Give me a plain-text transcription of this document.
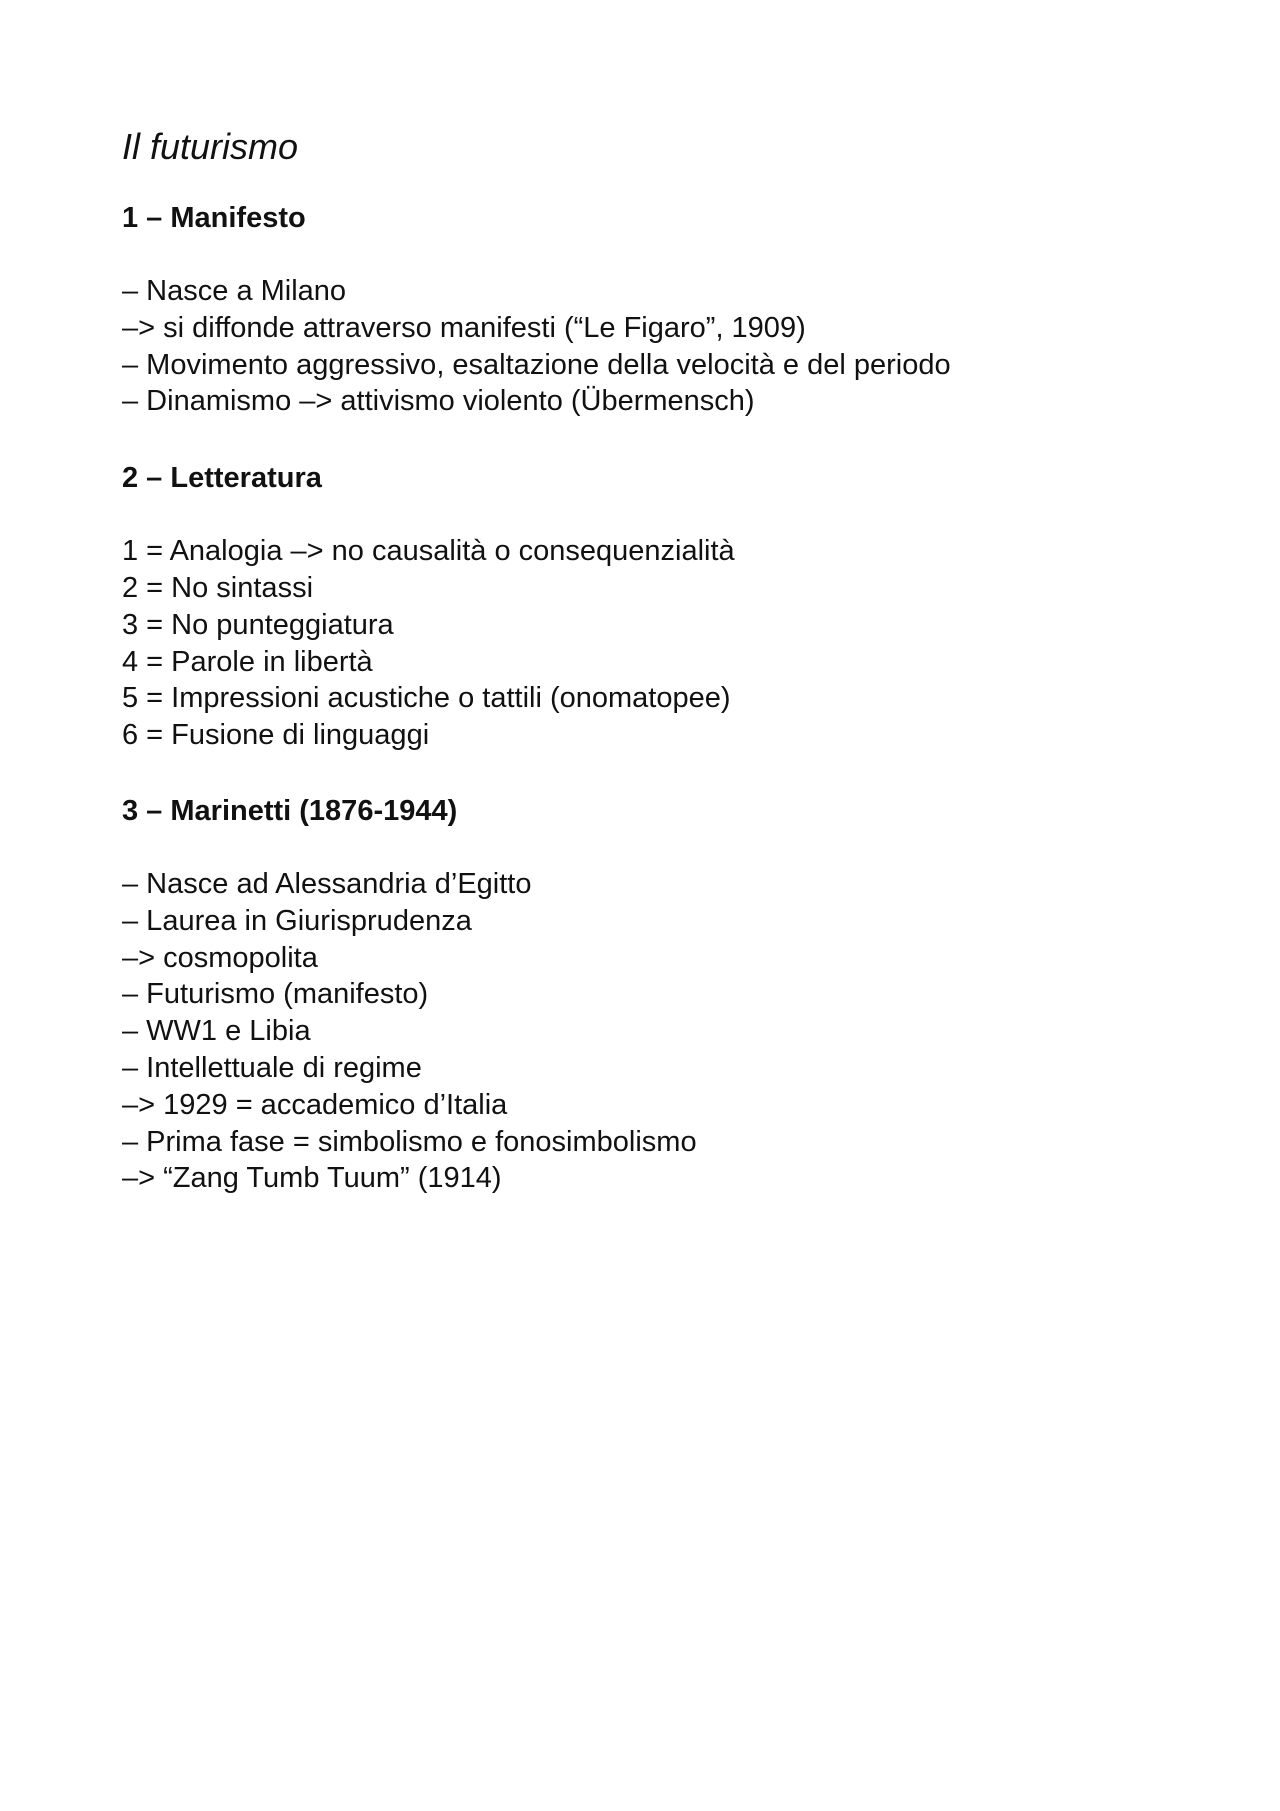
Il futurismo
1 – Manifesto
– Nasce a Milano
–> si diffonde attraverso manifesti (“Le Figaro”, 1909)
– Movimento aggressivo, esaltazione della velocità e del periodo
– Dinamismo –> attivismo violento (Übermensch)
2 – Letteratura
1 = Analogia –> no causalità o consequenzialità
2 = No sintassi
3 = No punteggiatura
4 = Parole in libertà
5 = Impressioni acustiche o tattili (onomatopee)
6 = Fusione di linguaggi
3 – Marinetti (1876-1944)
– Nasce ad Alessandria d’Egitto
– Laurea in Giurisprudenza
–> cosmopolita
– Futurismo (manifesto)
– WW1 e Libia
– Intellettuale di regime
–> 1929 = accademico d’Italia
– Prima fase = simbolismo e fonosimbolismo
–> “Zang Tumb Tuum” (1914)
